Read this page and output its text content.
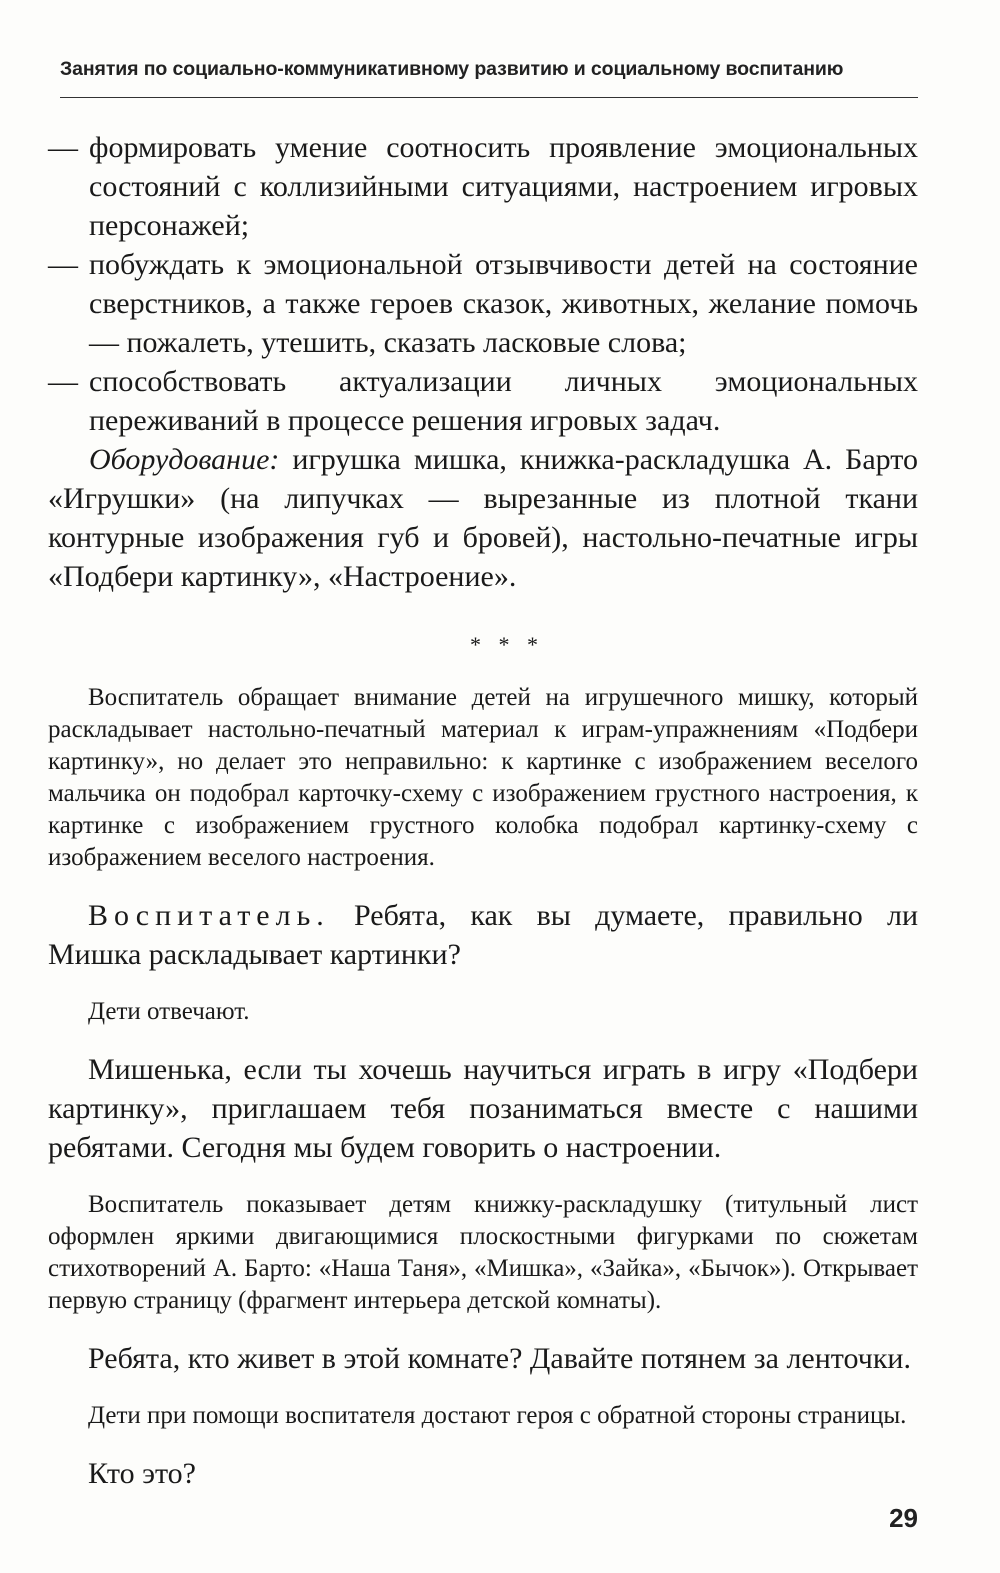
Занятия по социально-коммуникативному развитию и социальному воспитанию
— формировать умение соотносить проявление эмоциональных состояний с коллизийными ситуациями, настроением игровых персонажей;
— побуждать к эмоциональной отзывчивости детей на состояние сверстников, а также героев сказок, животных, желание помочь — пожалеть, утешить, сказать ласковые слова;
— способствовать актуализации личных эмоциональных переживаний в процессе решения игровых задач.

Оборудование: игрушка мишка, книжка-раскладушка А. Барто «Игрушки» (на липучках — вырезанные из плотной ткани контурные изображения губ и бровей), настольно-печатные игры «Подбери картинку», «Настроение».

* * *

Воспитатель обращает внимание детей на игрушечного мишку, который раскладывает настольно-печатный материал к играм-упражнениям «Подбери картинку», но делает это неправильно: к картинке с изображением веселого мальчика он подобрал карточку-схему с изображением грустного настроения, к картинке с изображением грустного колобка подобрал картинку-схему с изображением веселого настроения.

Воспитатель. Ребята, как вы думаете, правильно ли Мишка раскладывает картинки?

Дети отвечают.

Мишенька, если ты хочешь научиться играть в игру «Подбери картинку», приглашаем тебя позаниматься вместе с нашими ребятами. Сегодня мы будем говорить о настроении.

Воспитатель показывает детям книжку-раскладушку (титульный лист оформлен яркими двигающимися плоскостными фигурками по сюжетам стихотворений А. Барто: «Наша Таня», «Мишка», «Зайка», «Бычок»). Открывает первую страницу (фрагмент интерьера детской комнаты).

Ребята, кто живет в этой комнате? Давайте потянем за ленточки.

Дети при помощи воспитателя достают героя с обратной стороны страницы.

Кто это?

29
